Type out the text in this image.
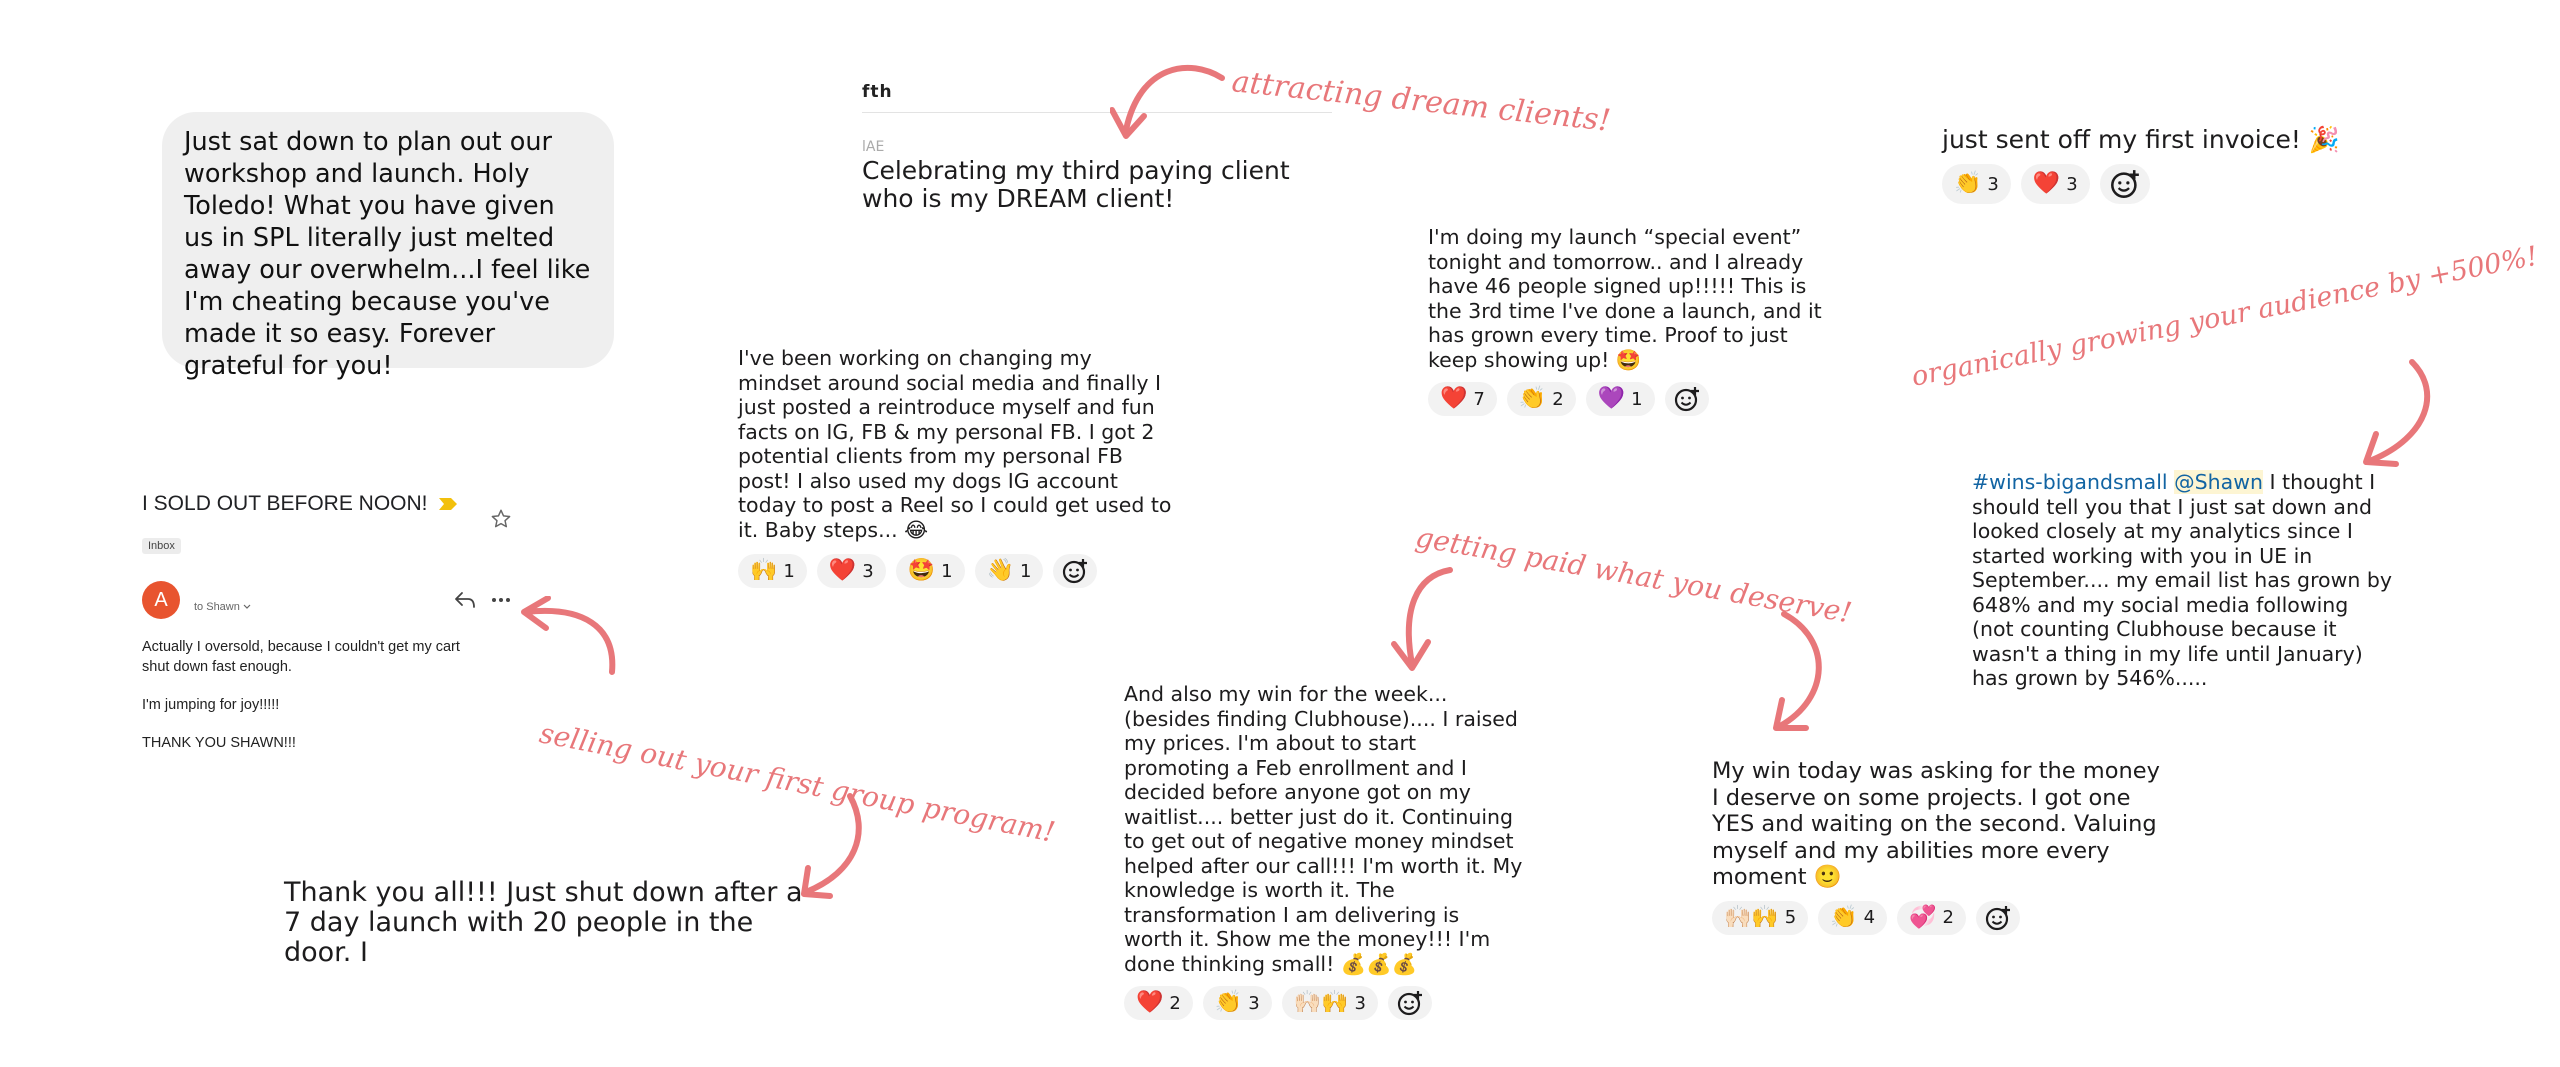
Just sat down to plan out our workshop and launch. Holy Toledo! What you have given us in SPL literally just melted away our overwhelm...I feel like I'm cheating because you've made it so easy. Forever grateful for you!
fth
lAE
Celebrating my third paying client who is my DREAM client!
attracting dream clients!
I've been working on changing my mindset around social media and finally I just posted a reintroduce myself and fun facts on IG, FB & my personal FB. I got 2 potential clients from my personal FB post! I also used my dogs IG account today to post a Reel so I could get used to it. Baby steps... 😂
🙌 1 ❤️ 3 🤩 1 👋 1
I'm doing my launch “special event” tonight and tomorrow.. and I already have 46 people signed up!!!!! This is the 3rd time I've done a launch, and it has grown every time. Proof to just keep showing up! 🤩
❤️ 7 👏 2 💜 1
just sent off my first invoice! 🎉
👏 3 ❤️ 3
organically growing your audience by +500%!
#wins-bigandsmall @Shawn I thought I should tell you that I just sat down and looked closely at my analytics since I started working with you in UE in September.... my email list has grown by 648% and my social media following (not counting Clubhouse because it wasn't a thing in my life until January) has grown by 546%.....
I SOLD OUT BEFORE NOON!
Inbox
A to Shawn
Actually I oversold, because I couldn't get my cart shut down fast enough.
I'm jumping for joy!!!!!
THANK YOU SHAWN!!!	selling out your first group program!
Thank you all!!! Just shut down after a 7 day launch with 20 people in the door. I
getting paid what you deserve!
And also my win for the week... (besides finding Clubhouse).... I raised my prices. I'm about to start promoting a Feb enrollment and I decided before anyone got on my waitlist.... better just do it. Continuing to get out of negative money mindset helped after our call!!! I'm worth it. My knowledge is worth it. The transformation I am delivering is worth it. Show me the money!!! I'm done thinking small! 💰💰💰
❤️ 2 👏 3 🙌🏻🙌 3
My win today was asking for the money I deserve on some projects. I got one YES and waiting on the second. Valuing myself and my abilities more every moment 🙂
🙌🏻🙌 5 👏 4 💞 2
